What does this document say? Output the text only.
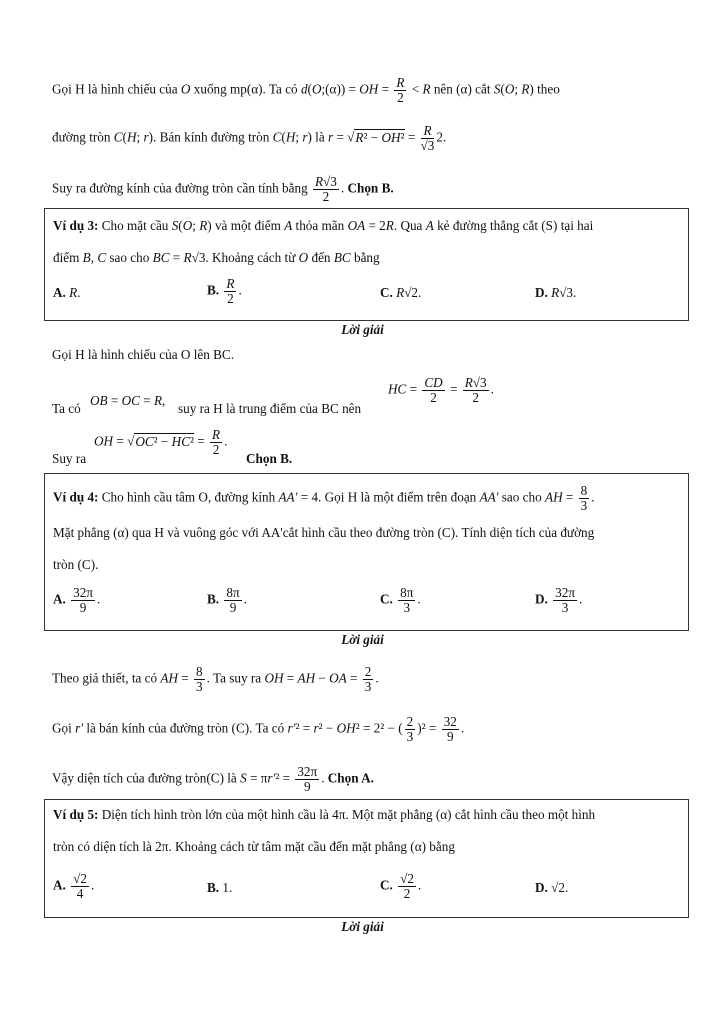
Gọi H là hình chiếu của O xuống mp(α). Ta có d(O;(α)) = OH = $\frac{R}{2} < R$ nên (α) cắt S(O; R) theo
đường tròn C(H; r). Bán kính đường tròn C(H; r) là r = √R² − OH² = R
√32.
Suy ra đường kính của đường tròn cần tính bằng $\frac{R√3}{2}$ . Chọn B.
Ví dụ 3: Cho mặt cầu S(O; R) và một điểm A thỏa mãn OA = 2R. Qua A kẻ đường thẳng cắt (S) tại hai
điểm B, C sao cho BC = R√3. Khoảng cách từ O đến BC bằng
A. R.	B. $\frac{R}{2}$ .	C. R√2.	D. R√3.
Lời giải
Gọi H là hình chiếu của O lên BC.
Ta có
OB = OC = R,
suy ra H là trung điểm của BC nên
HC = $\frac{CD}{2} = \frac{R√3}{2}$ .
Suy ra
OH = $√OC^2 - HC^2 = \frac{R}{2}$ .
Chọn B.
Ví dụ 4: Cho hình cầu tâm O, đường kính AA' = 4. Gọi H là một điểm trên đoạn AA' sao cho AH = $\frac{8}{3}$ .
Mặt phẳng (α) qua H và vuông góc với AA'cắt hình cầu theo đường tròn (C). Tính diện tích của đường
tròn (C).
A. $\frac{32\pi}{9}$ .	B. $\frac{8\pi}{9}$ .	C. $\frac{8\pi}{3}$ .	D. $\frac{32\pi}{3}$ .
Lời giải
Theo giả thiết, ta có AH = $\frac{8}{3}$ . Ta suy ra OH = AH − OA = $\frac{2}{3}$ .
Gọi r' là bán kính của đường tròn (C). Ta có r'² = r² − OH² = 2² − ( $\frac{2}{3} )^2 = \frac{32}{9}$ .
Vậy diện tích của đường tròn(C) là $S = \pi r'^2 = \frac{32\pi}{9}$ . Chọn A.
Ví dụ 5: Diện tích hình tròn lớn của một hình cầu là 4π. Một mặt phẳng (α) cắt hình cầu theo một hình
tròn có diện tích là 2π. Khoảng cách từ tâm mặt cầu đến mặt phẳng (α) bằng
A. $\frac{√2}{4}$ .	B. 1.	C. $\frac{√2}{2}$ .	D. √2.
Lời giải
